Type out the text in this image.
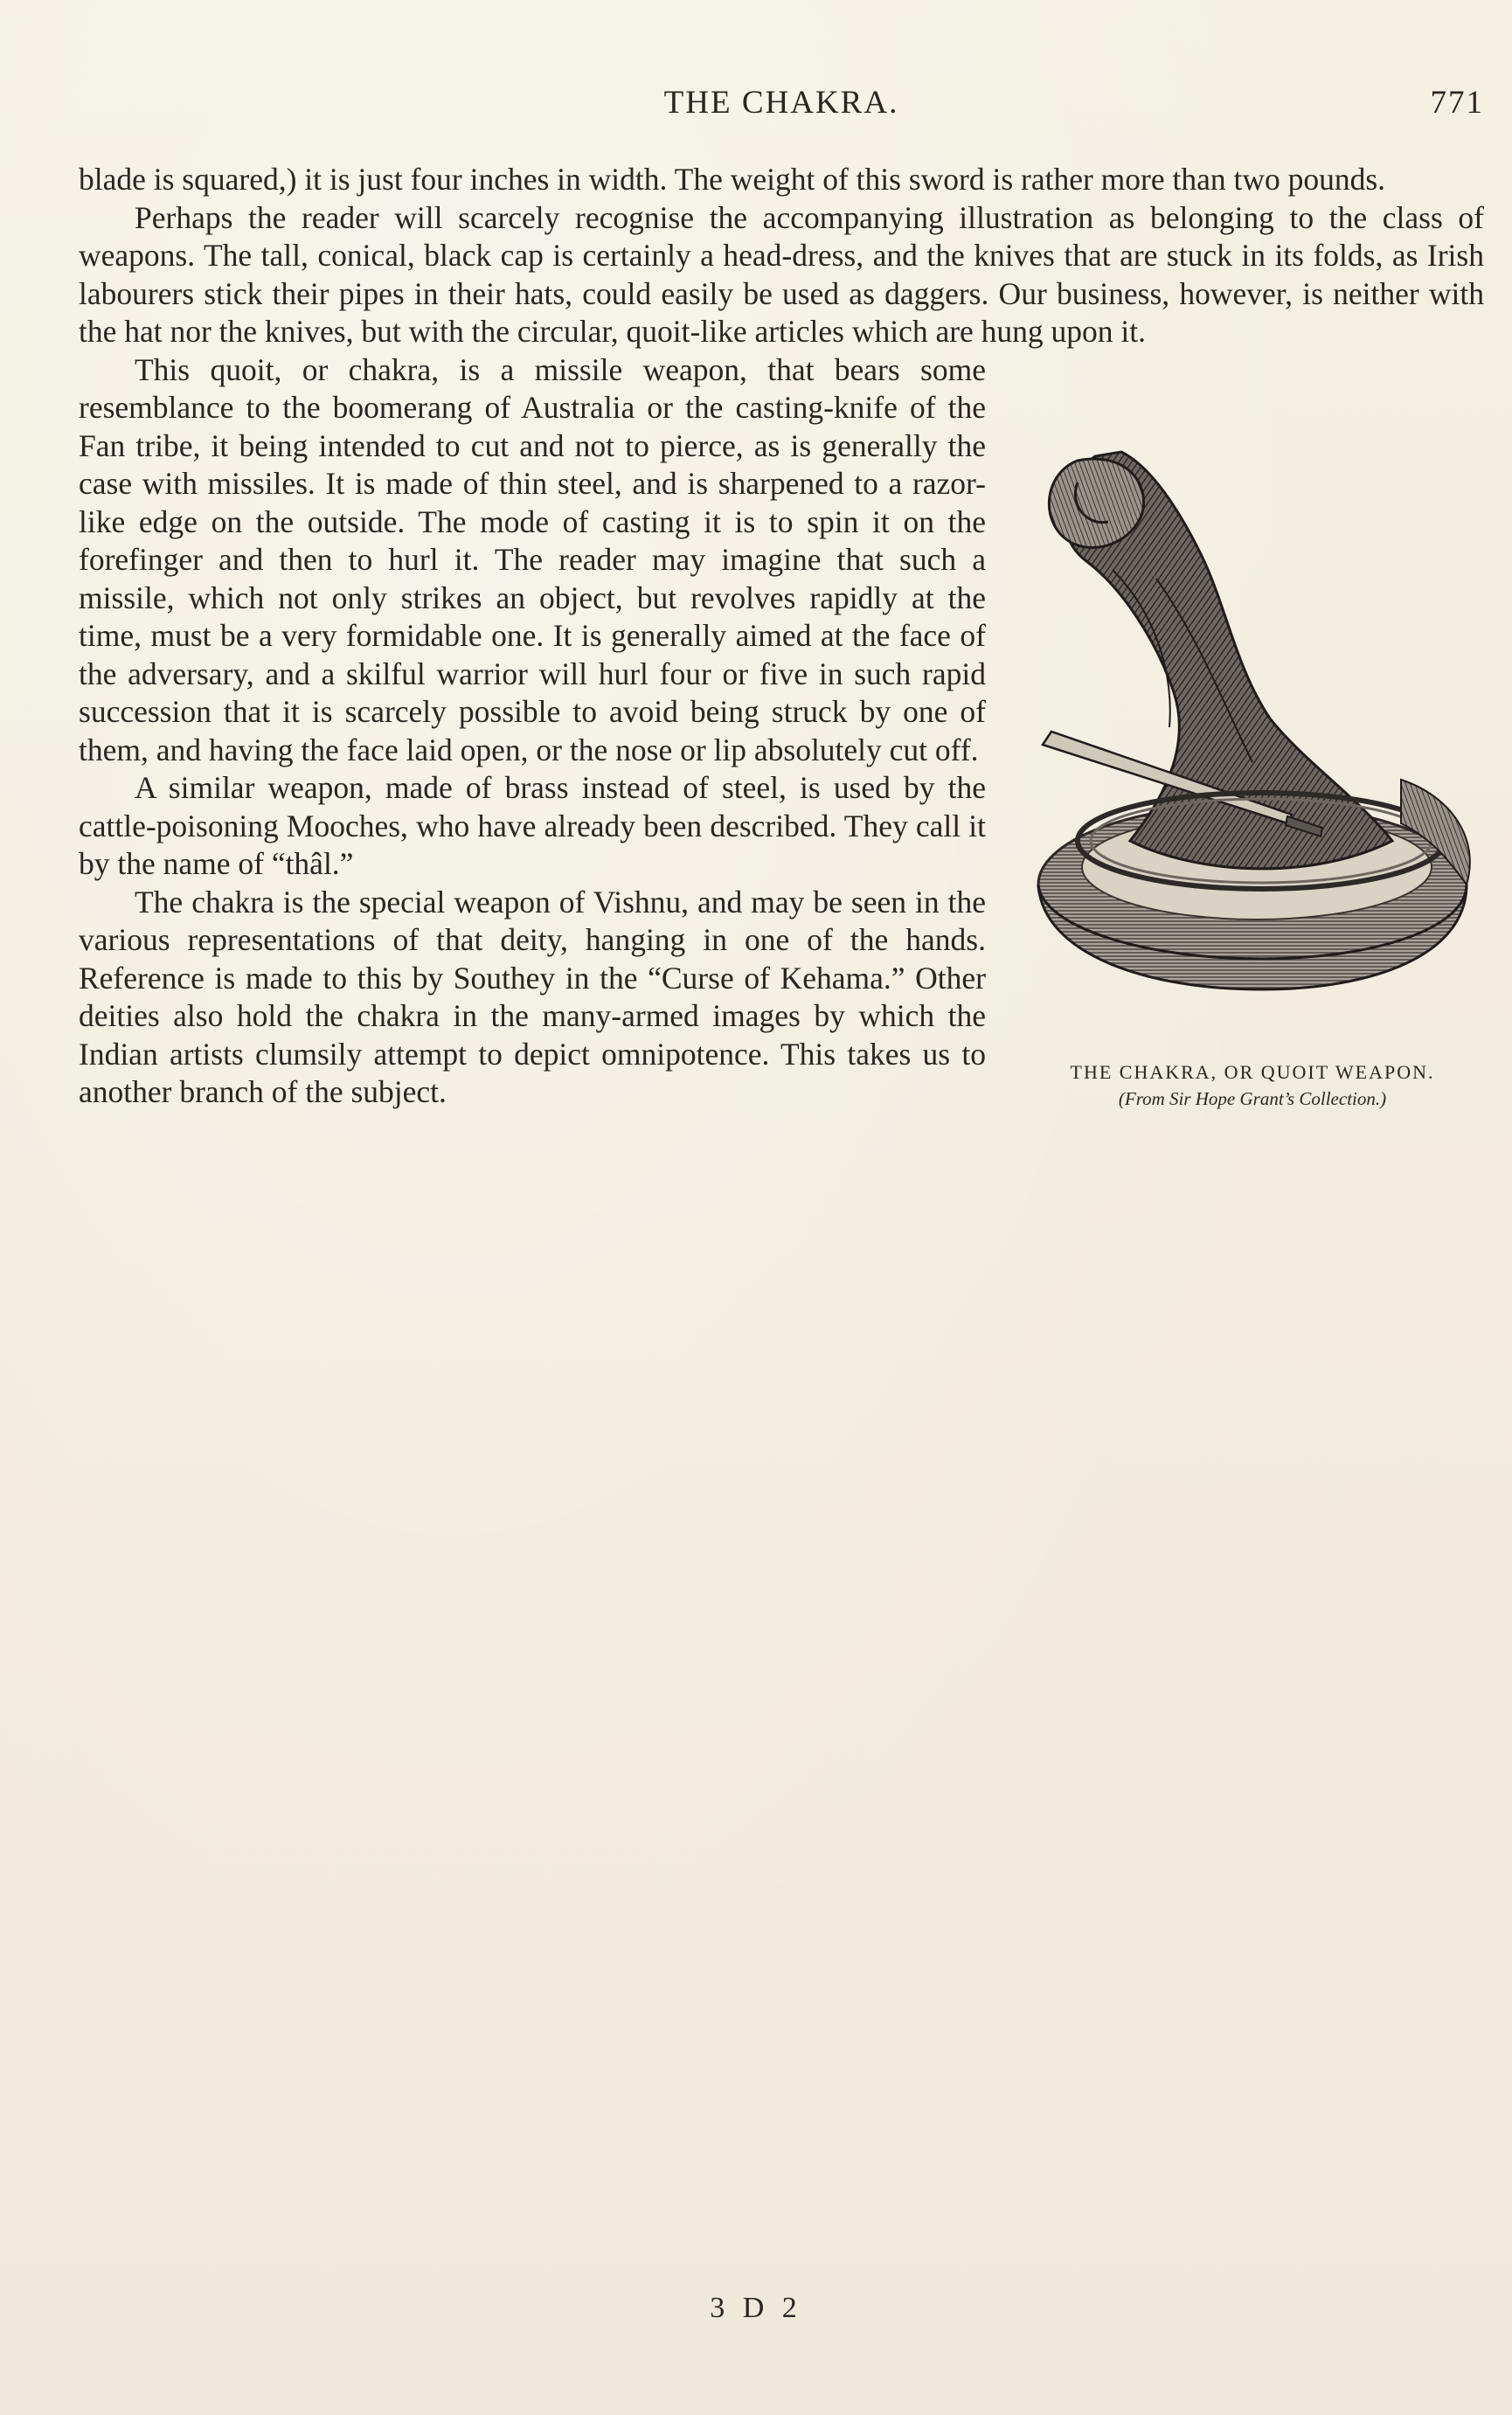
THE CHAKRA.	771

blade is squared,) it is just four inches in width. The weight of this sword is rather more than two pounds.

Perhaps the reader will scarcely recognise the accompanying illustration as belonging to the class of weapons. The tall, conical, black cap is certainly a head-dress, and the knives that are stuck in its folds, as Irish labourers stick their pipes in their hats, could easily be used as daggers. Our business, however, is neither with the hat nor the knives, but with the circular, quoit-like articles which are hung upon it.

THE CHAKRA, OR QUOIT WEAPON.
(From Sir Hope Grant’s Collection.)

This quoit, or chakra, is a missile weapon, that bears some resemblance to the boomerang of Australia or the casting-knife of the Fan tribe, it being intended to cut and not to pierce, as is generally the case with missiles. It is made of thin steel, and is sharpened to a razor-like edge on the outside. The mode of casting it is to spin it on the forefinger and then to hurl it. The reader may imagine that such a missile, which not only strikes an object, but revolves rapidly at the time, must be a very formidable one. It is generally aimed at the face of the adversary, and a skilful warrior will hurl four or five in such rapid succession that it is scarcely possible to avoid being struck by one of them, and having the face laid open, or the nose or lip absolutely cut off.

A similar weapon, made of brass instead of steel, is used by the cattle-poisoning Mooches, who have already been described. They call it by the name of “thâl.”

The chakra is the special weapon of Vishnu, and may be seen in the various representations of that deity, hanging in one of the hands. Reference is made to this by Southey in the “Curse of Kehama.” Other deities also hold the chakra in the many-armed images by which the Indian artists clumsily attempt to depict omnipotence. This takes us to another branch of the subject.

3 D 2
